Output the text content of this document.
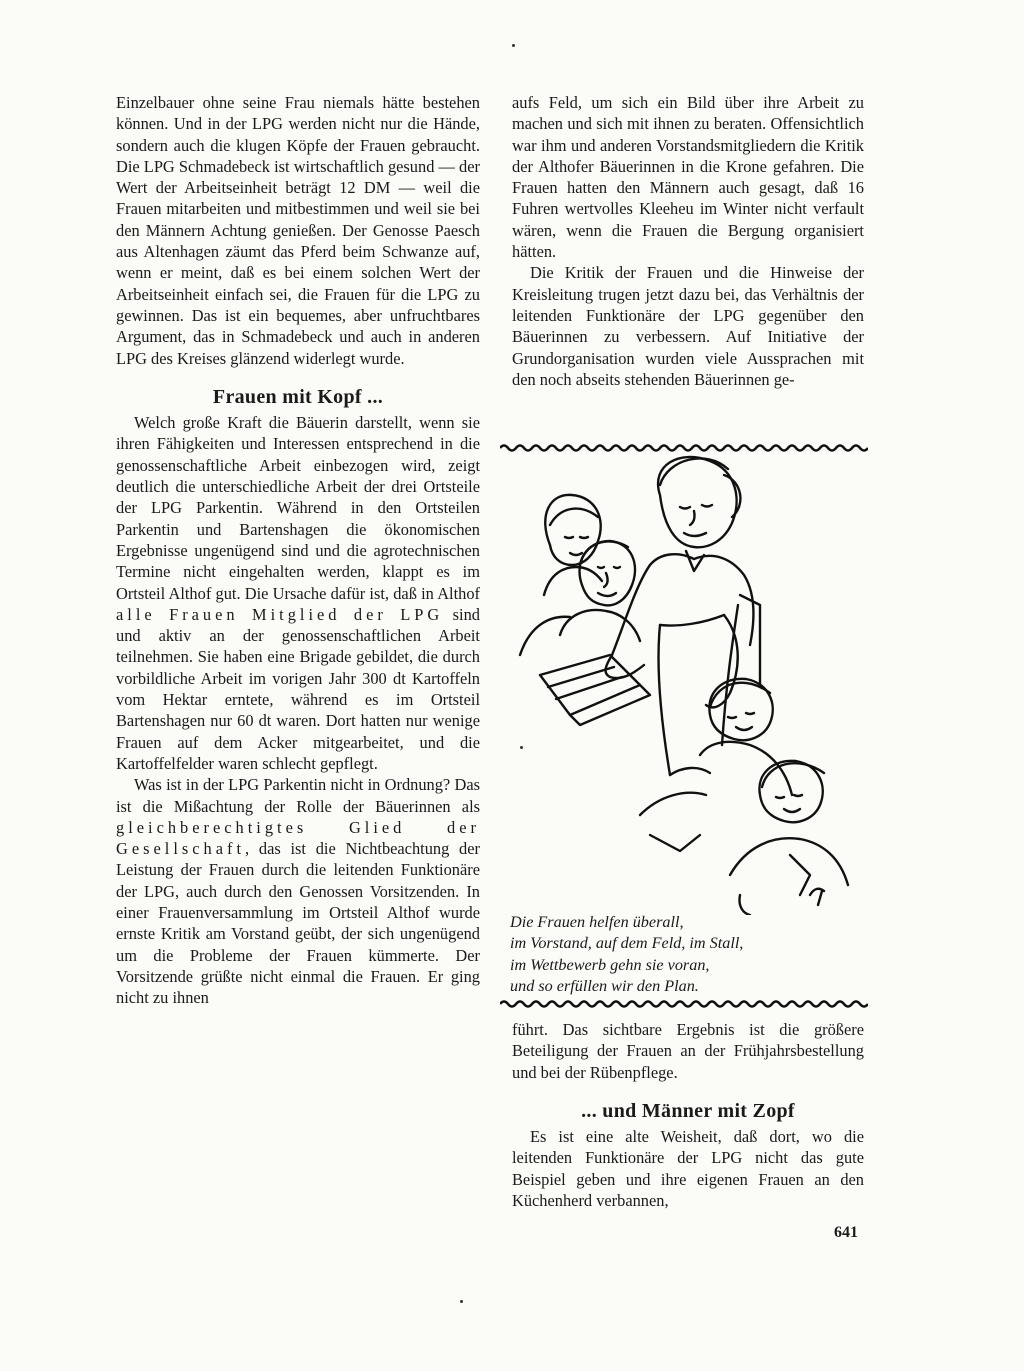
Einzelbauer ohne seine Frau niemals hätte bestehen können. Und in der LPG werden nicht nur die Hände, sondern auch die klugen Köpfe der Frauen gebraucht. Die LPG Schmadebeck ist wirtschaftlich gesund — der Wert der Arbeitseinheit beträgt 12 DM — weil die Frauen mitarbeiten und mitbestimmen und weil sie bei den Männern Achtung genießen. Der Genosse Paesch aus Altenhagen zäumt das Pferd beim Schwanze auf, wenn er meint, daß es bei einem solchen Wert der Arbeitseinheit einfach sei, die Frauen für die LPG zu gewinnen. Das ist ein bequemes, aber unfruchtbares Argument, das in Schmadebeck und auch in anderen LPG des Kreises glänzend widerlegt wurde.

Frauen mit Kopf ...

Welch große Kraft die Bäuerin darstellt, wenn sie ihren Fähigkeiten und Interessen entsprechend in die genossenschaftliche Arbeit einbezogen wird, zeigt deutlich die unterschiedliche Arbeit der drei Ortsteile der LPG Parkentin. Während in den Ortsteilen Parkentin und Bartenshagen die ökonomischen Ergebnisse ungenügend sind und die agrotechnischen Termine nicht eingehalten werden, klappt es im Ortsteil Althof gut. Die Ursache dafür ist, daß in Althof alle Frauen Mitglied der LPG sind und aktiv an der genossenschaftlichen Arbeit teilnehmen. Sie haben eine Brigade gebildet, die durch vorbildliche Arbeit im vorigen Jahr 300 dt Kartoffeln vom Hektar erntete, während es im Ortsteil Bartenshagen nur 60 dt waren. Dort hatten nur wenige Frauen auf dem Acker mitgearbeitet, und die Kartoffelfelder waren schlecht gepflegt.

Was ist in der LPG Parkentin nicht in Ordnung? Das ist die Mißachtung der Rolle der Bäuerinnen als gleichberechtigtes Glied der Gesellschaft, das ist die Nichtbeachtung der Leistung der Frauen durch die leitenden Funktionäre der LPG, auch durch den Genossen Vorsitzenden. In einer Frauenversammlung im Ortsteil Althof wurde ernste Kritik am Vorstand geübt, der sich ungenügend um die Probleme der Frauen kümmerte. Der Vorsitzende grüßte nicht einmal die Frauen. Er ging nicht zu ihnen

aufs Feld, um sich ein Bild über ihre Arbeit zu machen und sich mit ihnen zu beraten. Offensichtlich war ihm und anderen Vorstandsmitgliedern die Kritik der Althofer Bäuerinnen in die Krone gefahren. Die Frauen hatten den Männern auch gesagt, daß 16 Fuhren wertvolles Kleeheu im Winter nicht verfault wären, wenn die Frauen die Bergung organisiert hätten.

Die Kritik der Frauen und die Hinweise der Kreisleitung trugen jetzt dazu bei, das Verhältnis der leitenden Funktionäre der LPG gegenüber den Bäuerinnen zu verbessern. Auf Initiative der Grundorganisation wurden viele Aussprachen mit den noch abseits stehenden Bäuerinnen ge-

Die Frauen helfen überall,
im Vorstand, auf dem Feld, im Stall,
im Wettbewerb gehn sie voran,
und so erfüllen wir den Plan.

führt. Das sichtbare Ergebnis ist die größere Beteiligung der Frauen an der Frühjahrsbestellung und bei der Rübenpflege.

... und Männer mit Zopf

Es ist eine alte Weisheit, daß dort, wo die leitenden Funktionäre der LPG nicht das gute Beispiel geben und ihre eigenen Frauen an den Küchenherd verbannen,

641
